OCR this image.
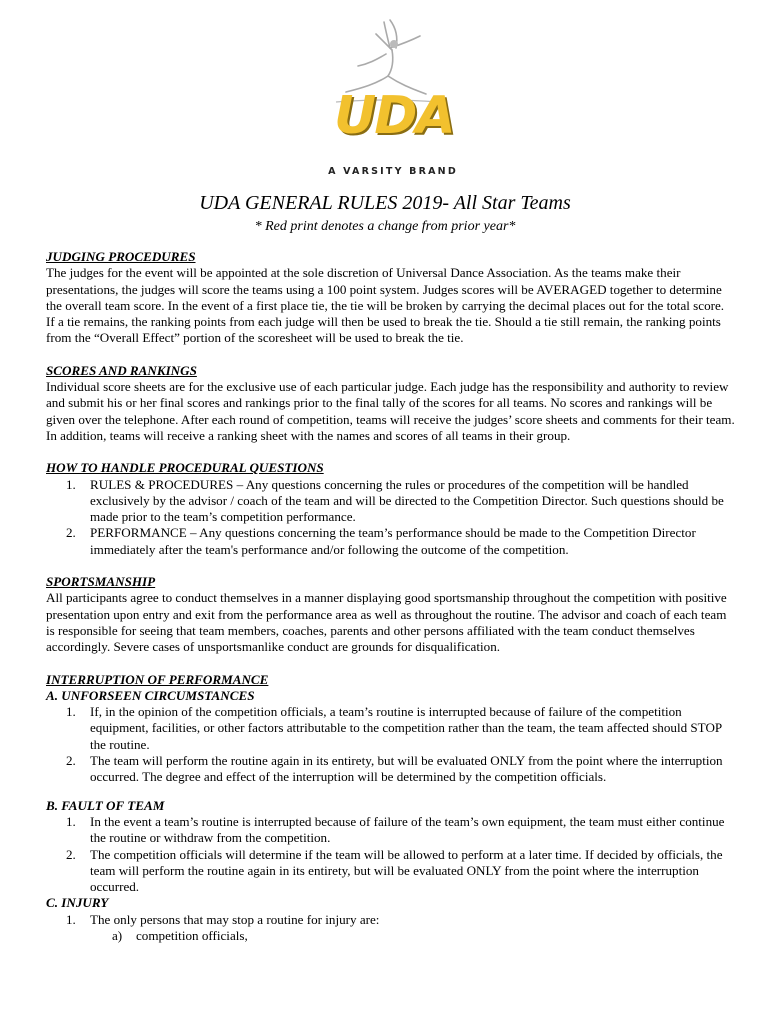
UDA
A VARSITY BRAND
UDA GENERAL RULES 2019- All Star Teams
* Red print denotes a change from prior year*

JUDGING PROCEDURES

The judges for the event will be appointed at the sole discretion of Universal Dance Association. As the teams make their presentations, the judges will score the teams using a 100 point system. Judges scores will be AVERAGED together to determine the overall team score. In the event of a first place tie, the tie will be broken by carrying the decimal places out for the total score. If a tie remains, the ranking points from each judge will then be used to break the tie. Should a tie still remain, the ranking points from the “Overall Effect” portion of the scoresheet will be used to break the tie.

SCORES AND RANKINGS

Individual score sheets are for the exclusive use of each particular judge. Each judge has the responsibility and authority to review and submit his or her final scores and rankings prior to the final tally of the scores for all teams. No scores and rankings will be given over the telephone. After each round of competition, teams will receive the judges’ score sheets and comments for their team. In addition, teams will receive a ranking sheet with the names and scores of all teams in their group.

HOW TO HANDLE PROCEDURAL QUESTIONS

1. RULES & PROCEDURES – Any questions concerning the rules or procedures of the competition will be handled exclusively by the advisor / coach of the team and will be directed to the Competition Director. Such questions should be made prior to the team’s competition performance.
2. PERFORMANCE – Any questions concerning the team’s performance should be made to the Competition Director immediately after the team's performance and/or following the outcome of the competition.

SPORTSMANSHIP

All participants agree to conduct themselves in a manner displaying good sportsmanship throughout the competition with positive presentation upon entry and exit from the performance area as well as throughout the routine. The advisor and coach of each team is responsible for seeing that team members, coaches, parents and other persons affiliated with the team conduct themselves accordingly. Severe cases of unsportsmanlike conduct are grounds for disqualification.

INTERRUPTION OF PERFORMANCE

A. UNFORSEEN CIRCUMSTANCES

1. If, in the opinion of the competition officials, a team’s routine is interrupted because of failure of the competition equipment, facilities, or other factors attributable to the competition rather than the team, the team affected should STOP the routine.
2. The team will perform the routine again in its entirety, but will be evaluated ONLY from the point where the interruption occurred. The degree and effect of the interruption will be determined by the competition officials.

B. FAULT OF TEAM

1. In the event a team’s routine is interrupted because of failure of the team’s own equipment, the team must either continue the routine or withdraw from the competition.
2. The competition officials will determine if the team will be allowed to perform at a later time. If decided by officials, the team will perform the routine again in its entirety, but will be evaluated ONLY from the point where the interruption occurred.

C. INJURY

1. The only persons that may stop a routine for injury are:
a) competition officials,
